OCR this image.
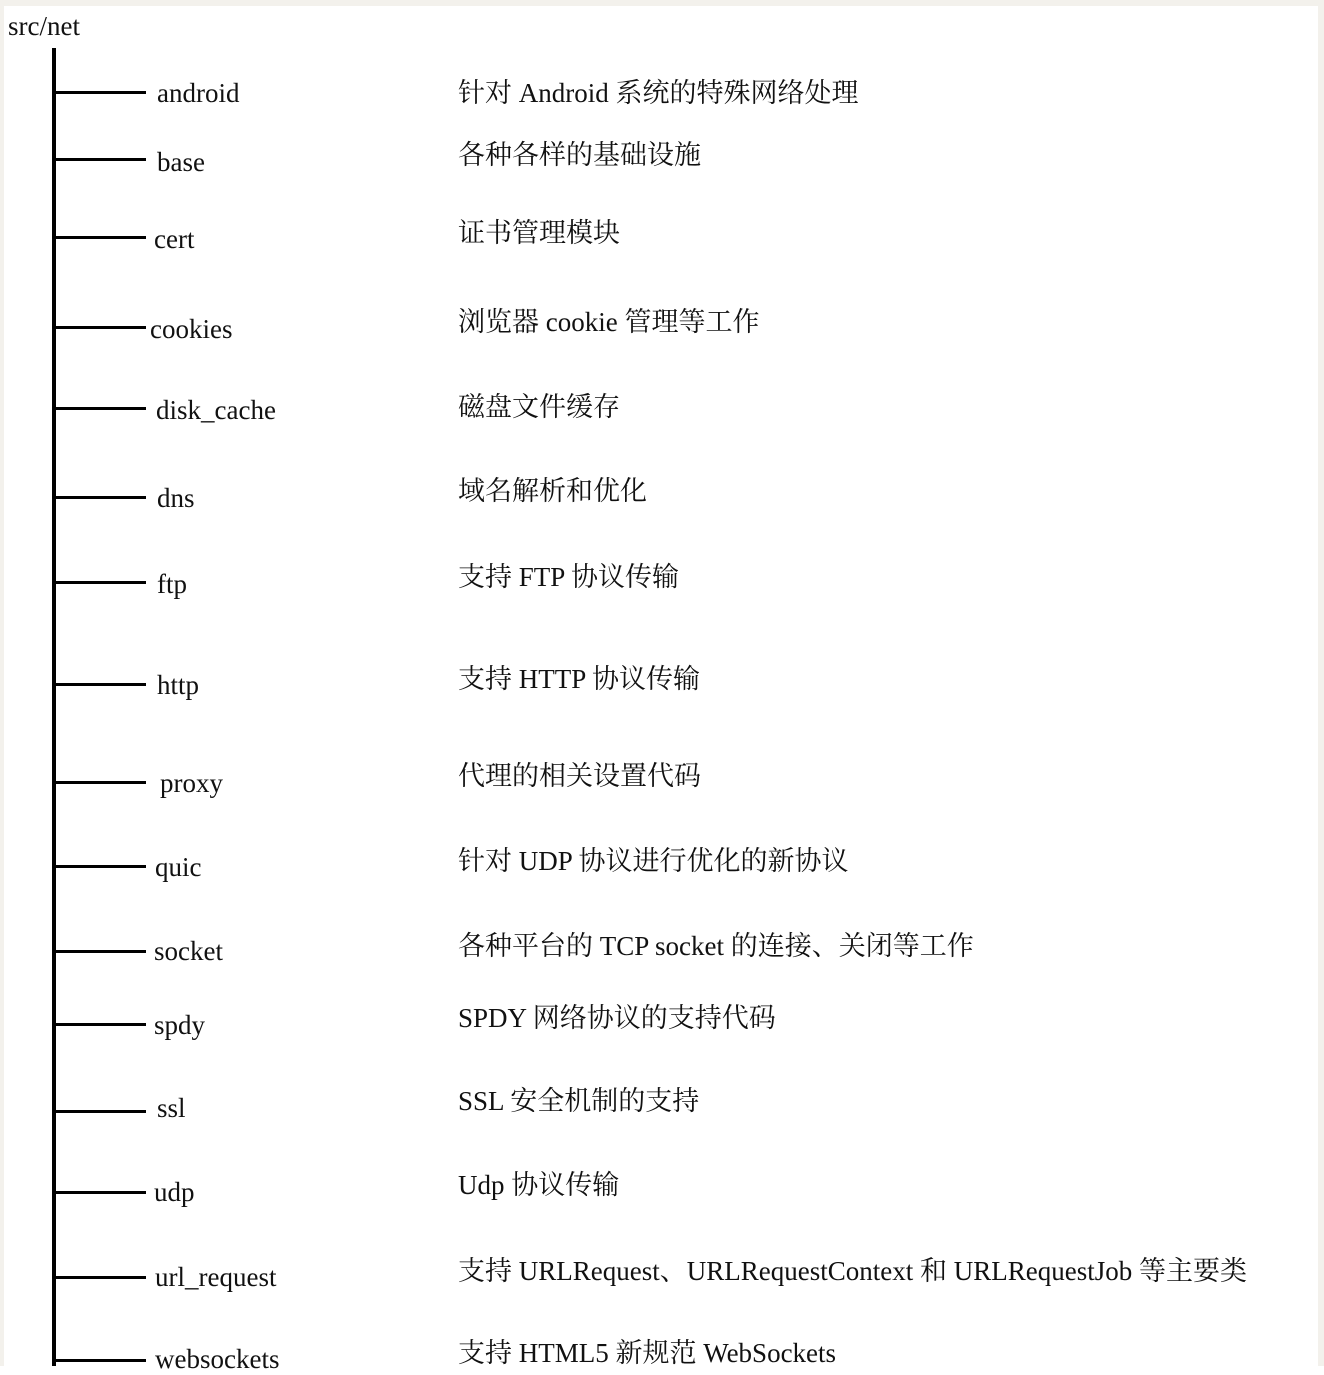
src/net
android	针对 Android 系统的特殊网络处理
base	各种各样的基础设施
cert	证书管理模块
cookies	浏览器 cookie 管理等工作
disk_cache	磁盘文件缓存
dns	域名解析和优化
ftp	支持 FTP 协议传输
http	支持 HTTP 协议传输
proxy	代理的相关设置代码
quic	针对 UDP 协议进行优化的新协议
socket	各种平台的 TCP socket 的连接、关闭等工作
spdy	SPDY 网络协议的支持代码
ssl	SSL 安全机制的支持
udp	Udp 协议传输
url_request	支持 URLRequest、URLRequestContext 和 URLRequestJob 等主要类
websockets	支持 HTML5 新规范 WebSockets
